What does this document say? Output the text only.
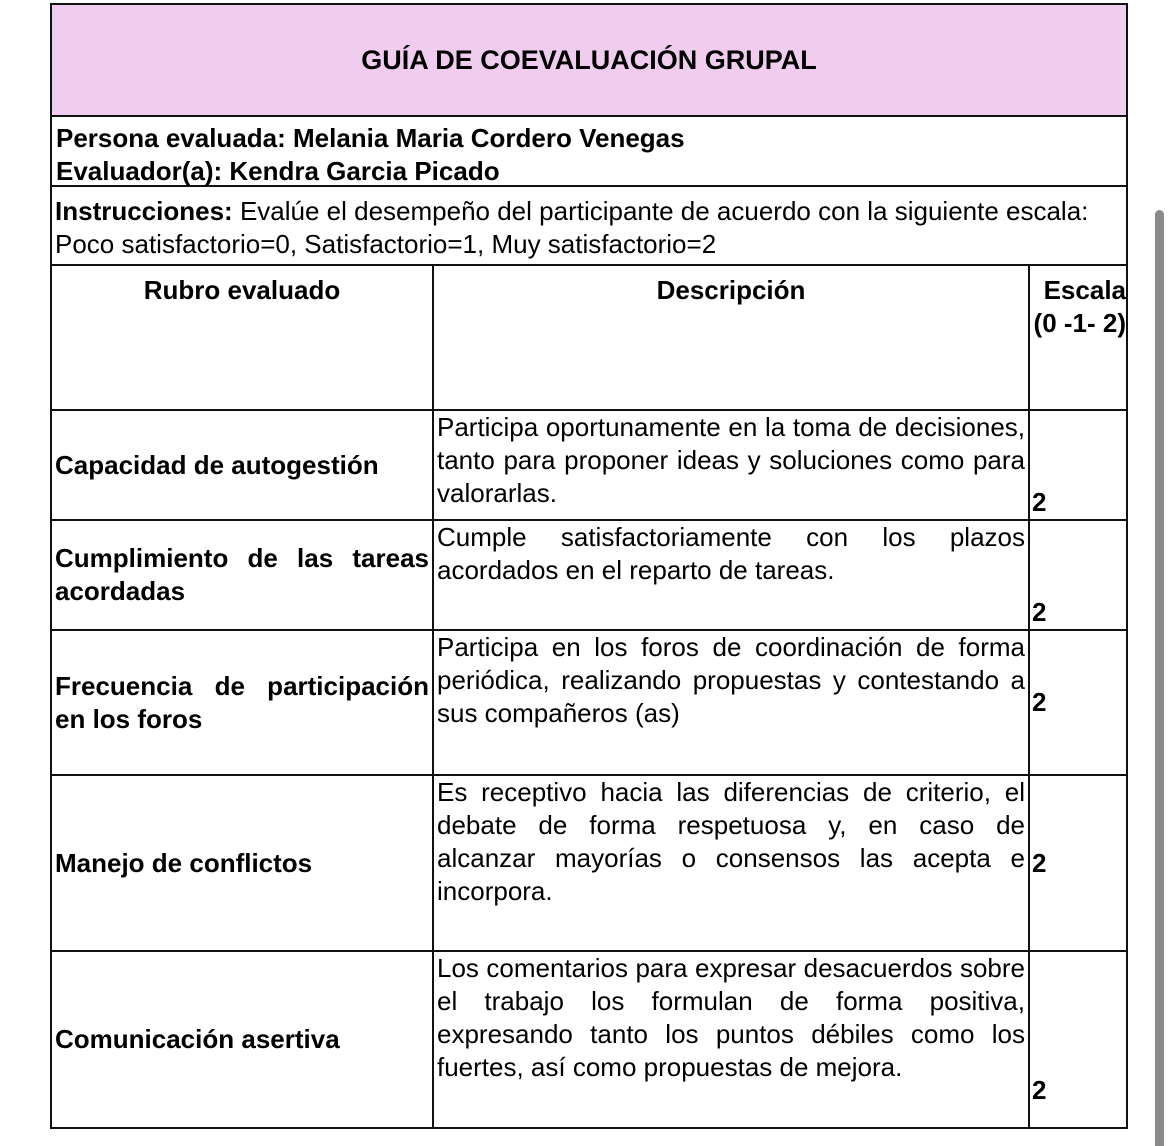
GUÍA DE COEVALUACIÓN GRUPAL
Persona evaluada: Melania Maria Cordero Venegas
Evaluador(a): Kendra Garcia Picado
Instrucciones: Evalúe el desempeño del participante de acuerdo con la siguiente escala: Poco satisfactorio=0, Satisfactorio=1, Muy satisfactorio=2
Rubro evaluado	Descripción	Escala (0 -1- 2)
Capacidad de autogestión	Participa oportunamente en la toma de decisiones, tanto para proponer ideas y soluciones como para valorarlas.	2
Cumplimiento de las tareas acordadas	Cumple satisfactoriamente con los plazos acordados en el reparto de tareas.	2
Frecuencia de participación en los foros	Participa en los foros de coordinación de forma periódica, realizando propuestas y contestando a sus compañeros (as)	2
Manejo de conflictos	Es receptivo hacia las diferencias de criterio, el debate de forma respetuosa y, en caso de alcanzar mayorías o consensos las acepta e incorpora.	2
Comunicación asertiva	Los comentarios para expresar desacuerdos sobre el trabajo los formulan de forma positiva, expresando tanto los puntos débiles como los fuertes, así como propuestas de mejora.	2
